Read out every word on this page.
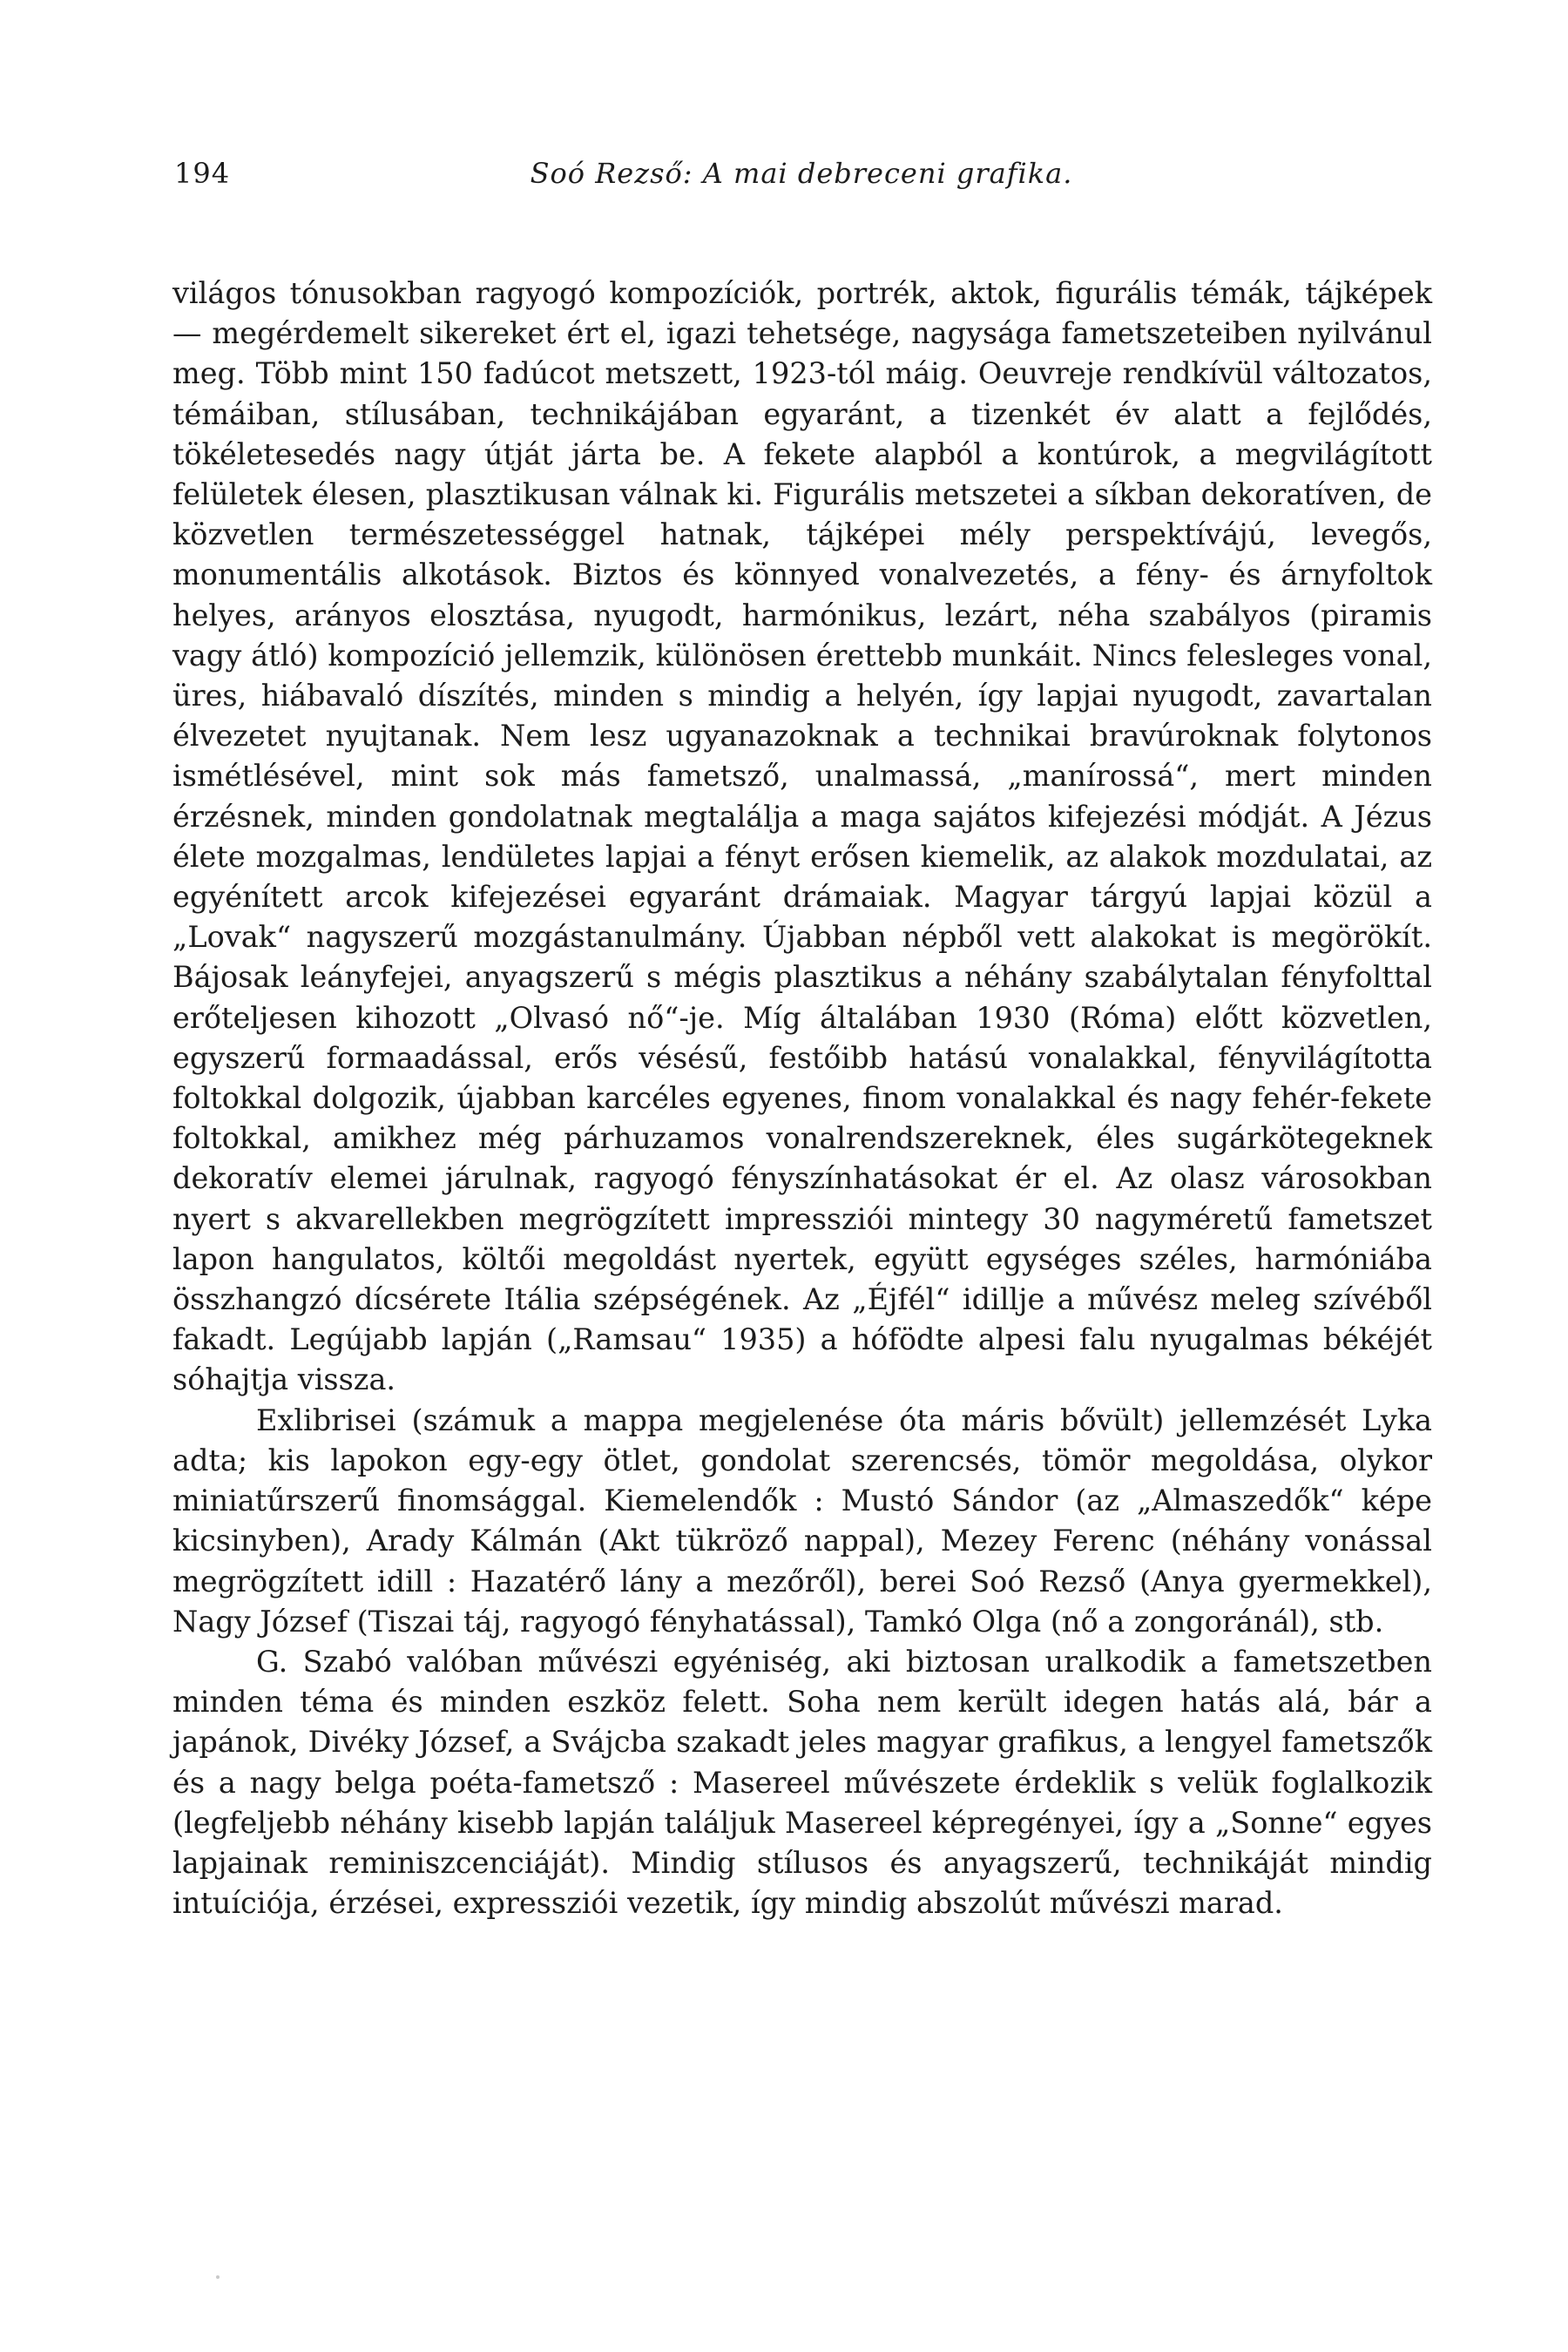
194	Soó Rezső: A mai debreceni grafika.

világos tónusokban ragyogó kompozíciók, portrék, aktok, figurális témák, tájképek — megérdemelt sikereket ért el, igazi tehetsége, nagysága fametszeteiben nyilvánul meg. Több mint 150 fadúcot metszett, 1923-tól máig. Oeuvreje rendkívül változatos, témáiban, stílusában, technikájában egyaránt, a tizenkét év alatt a fejlődés, tökéletesedés nagy útját járta be. A fekete alapból a kontúrok, a megvilágított felületek élesen, plasztikusan válnak ki. Figurális metszetei a síkban dekoratíven, de közvetlen természetességgel hatnak, tájképei mély perspektívájú, levegős, monumentális alkotások. Biztos és könnyed vonalvezetés, a fény- és árnyfoltok helyes, arányos elosztása, nyugodt, harmónikus, lezárt, néha szabályos (piramis vagy átló) kompozíció jellemzik, különösen érettebb munkáit. Nincs felesleges vonal, üres, hiábavaló díszítés, minden s mindig a helyén, így lapjai nyugodt, zavartalan élvezetet nyujtanak. Nem lesz ugyanazoknak a technikai bravúroknak folytonos ismétlésével, mint sok más fametsző, unalmassá, „manírossá“, mert minden érzésnek, minden gondolatnak megtalálja a maga sajátos kifejezési módját. A Jézus élete mozgalmas, lendületes lapjai a fényt erősen kiemelik, az alakok mozdulatai, az egyénített arcok kifejezései egyaránt drámaiak. Magyar tárgyú lapjai közül a „Lovak“ nagyszerű mozgástanulmány. Újabban népből vett alakokat is megörökít. Bájosak leányfejei, anyagszerű s mégis plasztikus a néhány szabálytalan fényfolttal erőteljesen kihozott „Olvasó nő“-je. Míg általában 1930 (Róma) előtt közvetlen, egyszerű formaadással, erős vésésű, festőibb hatású vonalakkal, fényvilágította foltokkal dolgozik, újabban karcéles egyenes, finom vonalakkal és nagy fehér-fekete foltokkal, amikhez még párhuzamos vonalrendszereknek, éles sugárkötegeknek dekoratív elemei járulnak, ragyogó fényszínhatásokat ér el. Az olasz városokban nyert s akvarellekben megrögzített impressziói mintegy 30 nagyméretű fametszet lapon hangulatos, költői megoldást nyertek, együtt egységes széles, harmóniába összhangzó dícsérete Itália szépségének. Az „Éjfél“ idillje a művész meleg szívéből fakadt. Legújabb lapján („Ramsau“ 1935) a hófödte alpesi falu nyugalmas békéjét sóhajtja vissza.

Exlibrisei (számuk a mappa megjelenése óta máris bővült) jellemzését Lyka adta; kis lapokon egy-egy ötlet, gondolat szerencsés, tömör megoldása, olykor miniatűrszerű finomsággal. Kiemelendők : Mustó Sándor (az „Almaszedők“ képe kicsinyben), Arady Kálmán (Akt tükröző nappal), Mezey Ferenc (néhány vonással megrögzített idill : Hazatérő lány a mezőről), berei Soó Rezső (Anya gyermekkel), Nagy József (Tiszai táj, ragyogó fényhatással), Tamkó Olga (nő a zongoránál), stb.

G. Szabó valóban művészi egyéniség, aki biztosan uralkodik a fametszetben minden téma és minden eszköz felett. Soha nem került idegen hatás alá, bár a japánok, Divéky József, a Svájcba szakadt jeles magyar grafikus, a lengyel fametszők és a nagy belga poéta-fametsző : Masereel művészete érdeklik s velük foglalkozik (legfeljebb néhány kisebb lapján találjuk Masereel képregényei, így a „Sonne“ egyes lapjainak reminiszcenciáját). Mindig stílusos és anyagszerű, technikáját mindig intuíciója, érzései, expressziói vezetik, így mindig abszolút művészi marad.
